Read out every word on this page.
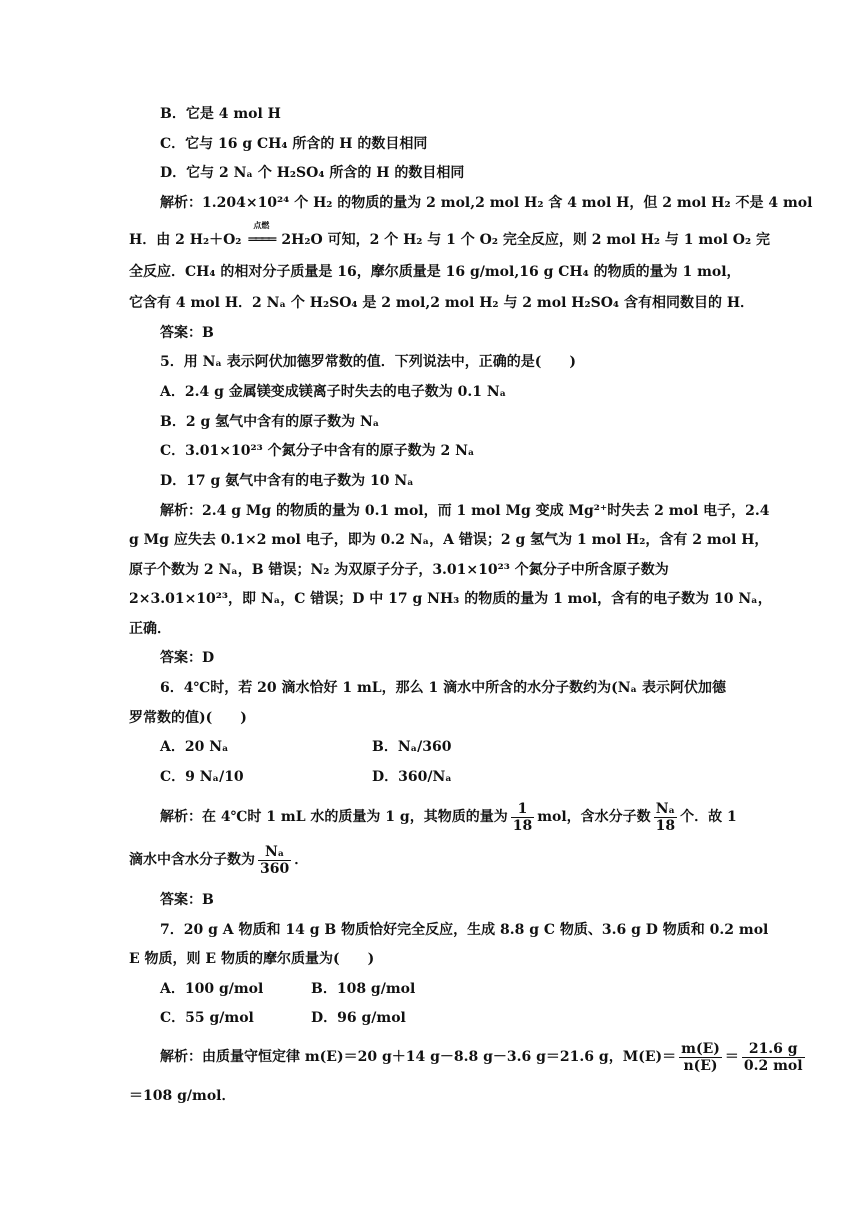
B．它是 4 mol H
C．它与 16 g CH₄ 所含的 H 的数目相同
D．它与 2 Nₐ 个 H₂SO₄ 所含的 H 的数目相同
解析：1.204×10²⁴ 个 H₂ 的物质的量为 2 mol,2 mol H₂ 含 4 mol H，但 2 mol H₂ 不是 4 mol
H．由 2 H₂＋O₂
点燃
════ 2H₂O 可知，2 个 H₂ 与 1 个 O₂ 完全反应，则 2 mol H₂ 与 1 mol O₂ 完
全反应．CH₄ 的相对分子质量是 16，摩尔质量是 16 g/mol,16 g CH₄ 的物质的量为 1 mol，
它含有 4 mol H．2 Nₐ 个 H₂SO₄ 是 2 mol,2 mol H₂ 与 2 mol H₂SO₄ 含有相同数目的 H．
答案：B
5．用 Nₐ 表示阿伏加德罗常数的值．下列说法中，正确的是(　　)
A．2.4 g 金属镁变成镁离子时失去的电子数为 0.1 Nₐ
B．2 g 氢气中含有的原子数为 Nₐ
C．3.01×10²³ 个氮分子中含有的原子数为 2 Nₐ
D．17 g 氨气中含有的电子数为 10 Nₐ
解析：2.4 g Mg 的物质的量为 0.1 mol，而 1 mol Mg 变成 Mg²⁺时失去 2 mol 电子，2.4
g Mg 应失去 0.1×2 mol 电子，即为 0.2 Nₐ，A 错误；2 g 氢气为 1 mol H₂，含有 2 mol H，
原子个数为 2 Nₐ，B 错误；N₂ 为双原子分子，3.01×10²³ 个氮分子中所含原子数为
2×3.01×10²³，即 Nₐ，C 错误；D 中 17 g NH₃ 的物质的量为 1 mol，含有的电子数为 10 Nₐ，
正确．
答案：D
6．4℃时，若 20 滴水恰好 1 mL，那么 1 滴水中所含的水分子数约为(Nₐ 表示阿伏加德
罗常数的值)(　　)
A．20 Nₐ	B．Nₐ/360
C．9 Nₐ/10	D．360/Nₐ
解析：在 4℃时 1 mL 水的质量为 1 g，其物质的量为 $\frac{1}{18}$ mol，含水分子数 $\frac{\text{Nₐ}}{18}$ 个．故 1
滴水中含水分子数为 $\frac{\text{Nₐ}}{360}$ ．
答案：B
7．20 g A 物质和 14 g B 物质恰好完全反应，生成 8.8 g C 物质、3.6 g D 物质和 0.2 mol
E 物质，则 E 物质的摩尔质量为(　　)
A．100 g/mol	B．108 g/mol
C．55 g/mol	D．96 g/mol
解析：由质量守恒定律 m(E)＝20 g＋14 g－8.8 g－3.6 g＝21.6 g，$M(E)= \frac{m(E)}{n(E)} = \frac{21.6 g}{\text{0.2 mol}}$
＝108 g/mol．
